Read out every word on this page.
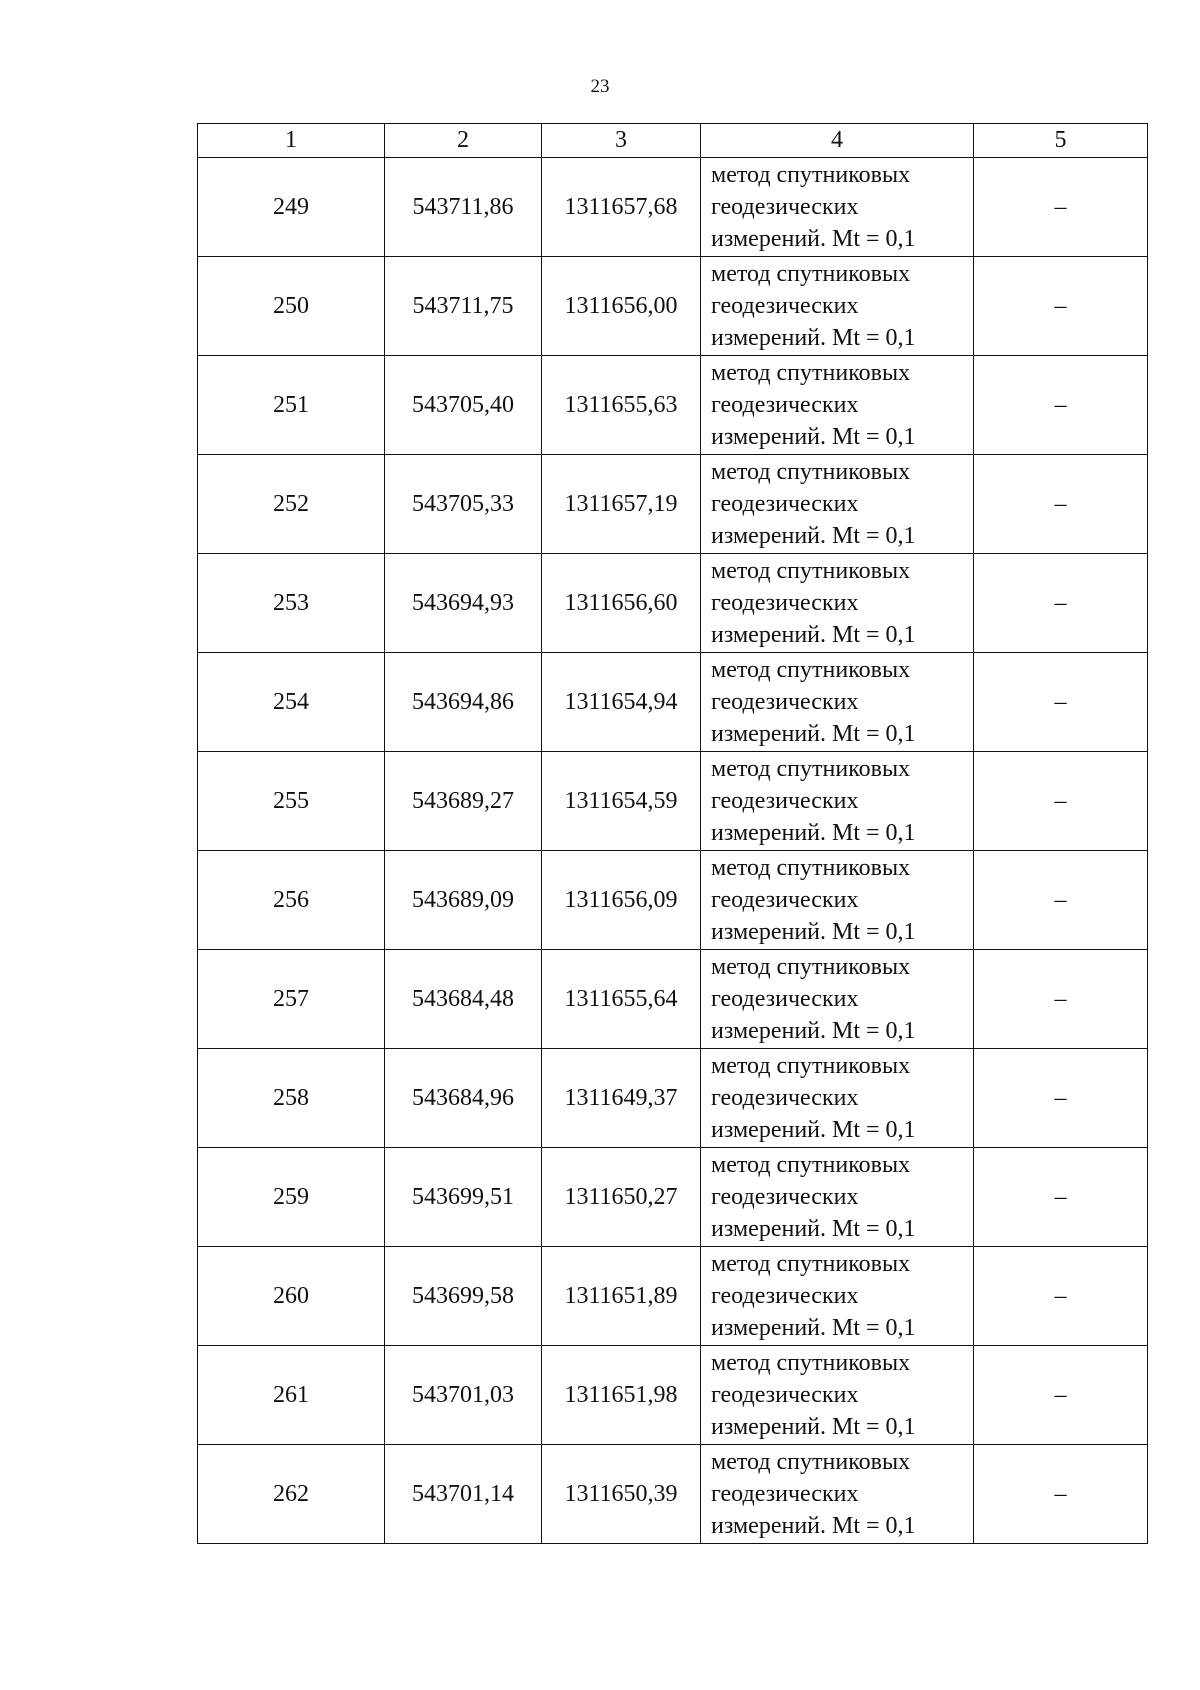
23
1	2	3	4	5
249	543711,86	1311657,68	метод спутниковых
геодезических
измерений. Mt = 0,1	–
250	543711,75	1311656,00	метод спутниковых
геодезических
измерений. Mt = 0,1	–
251	543705,40	1311655,63	метод спутниковых
геодезических
измерений. Mt = 0,1	–
252	543705,33	1311657,19	метод спутниковых
геодезических
измерений. Mt = 0,1	–
253	543694,93	1311656,60	метод спутниковых
геодезических
измерений. Mt = 0,1	–
254	543694,86	1311654,94	метод спутниковых
геодезических
измерений. Mt = 0,1	–
255	543689,27	1311654,59	метод спутниковых
геодезических
измерений. Mt = 0,1	–
256	543689,09	1311656,09	метод спутниковых
геодезических
измерений. Mt = 0,1	–
257	543684,48	1311655,64	метод спутниковых
геодезических
измерений. Mt = 0,1	–
258	543684,96	1311649,37	метод спутниковых
геодезических
измерений. Mt = 0,1	–
259	543699,51	1311650,27	метод спутниковых
геодезических
измерений. Mt = 0,1	–
260	543699,58	1311651,89	метод спутниковых
геодезических
измерений. Mt = 0,1	–
261	543701,03	1311651,98	метод спутниковых
геодезических
измерений. Mt = 0,1	–
262	543701,14	1311650,39	метод спутниковых
геодезических
измерений. Mt = 0,1	–
